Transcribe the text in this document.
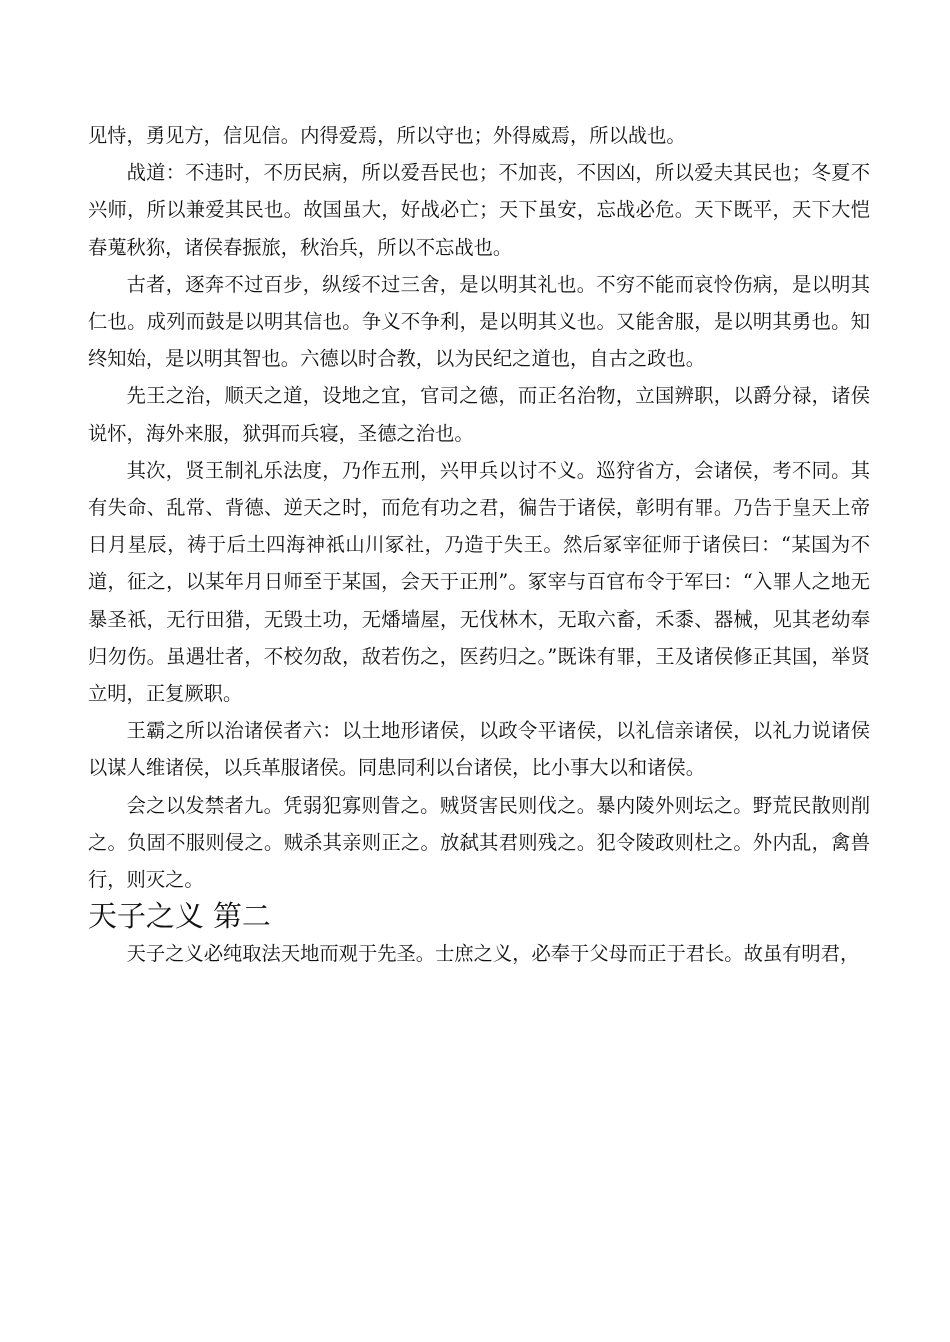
见恃，勇见方，信见信。内得爱焉，所以守也；外得威焉，所以战也。

战道：不违时，不历民病，所以爱吾民也；不加丧，不因凶，所以爱夫其民也；冬夏不兴师，所以兼爱其民也。故国虽大，好战必亡；天下虽安，忘战必危。天下既平，天下大恺春蒐秋狝，诸侯春振旅，秋治兵，所以不忘战也。

古者，逐奔不过百步，纵绥不过三舍，是以明其礼也。不穷不能而哀怜伤病，是以明其仁也。成列而鼓是以明其信也。争义不争利，是以明其义也。又能舍服，是以明其勇也。知终知始，是以明其智也。六德以时合教，以为民纪之道也，自古之政也。

先王之治，顺天之道，设地之宜，官司之德，而正名治物，立国辨职，以爵分禄，诸侯说怀，海外来服，狱弭而兵寝，圣德之治也。

其次，贤王制礼乐法度，乃作五刑，兴甲兵以讨不义。巡狩省方，会诸侯，考不同。其有失命、乱常、背德、逆天之时，而危有功之君，徧告于诸侯，彰明有罪。乃告于皇天上帝日月星辰，祷于后土四海神祇山川冢社，乃造于失王。然后冢宰征师于诸侯曰：“某国为不道，征之，以某年月日师至于某国，会天于正刑”。冢宰与百官布令于军曰：“入罪人之地无暴圣祇，无行田猎，无毁土功，无燔墙屋，无伐林木，无取六畜，禾黍、器械，见其老幼奉归勿伤。虽遇壮者，不校勿敌，敌若伤之，医药归之。”既诛有罪，王及诸侯修正其国，举贤立明，正复厥职。

王霸之所以治诸侯者六：以土地形诸侯，以政令平诸侯，以礼信亲诸侯，以礼力说诸侯以谋人维诸侯，以兵革服诸侯。同患同利以台诸侯，比小事大以和诸侯。

会之以发禁者九。凭弱犯寡则眚之。贼贤害民则伐之。暴内陵外则坛之。野荒民散则削之。负固不服则侵之。贼杀其亲则正之。放弑其君则残之。犯令陵政则杜之。外内乱，禽兽行，则灭之。

天子之义 第二

天子之义必纯取法天地而观于先圣。士庶之义，必奉于父母而正于君长。故虽有明君，
